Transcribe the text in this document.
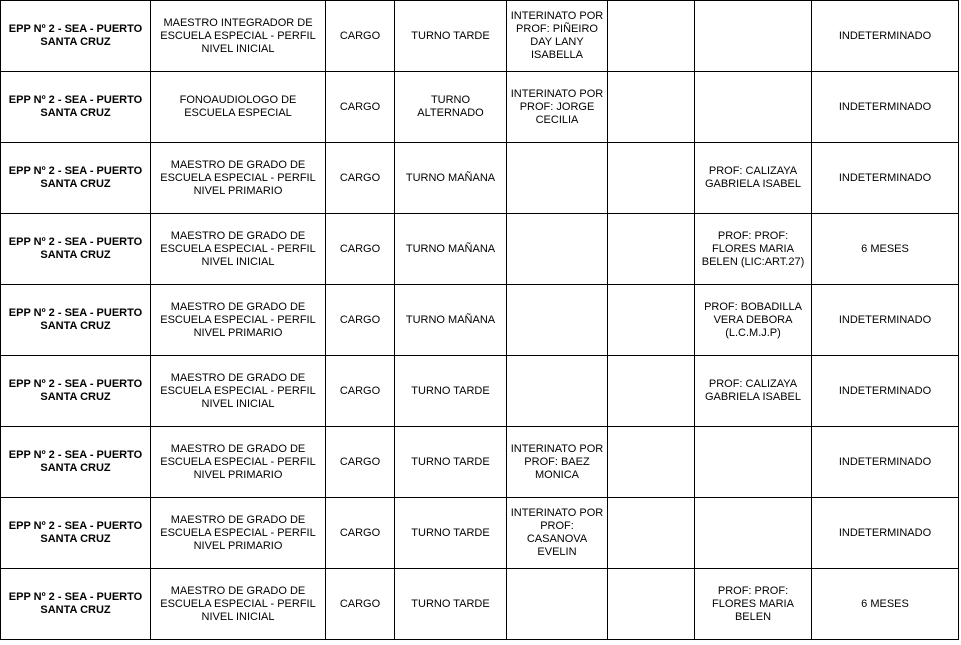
EPP Nº 2 - SEA - PUERTO SANTA CRUZ	MAESTRO INTEGRADOR DE ESCUELA ESPECIAL - PERFIL NIVEL INICIAL	CARGO	TURNO TARDE	INTERINATO POR PROF: PIÑEIRO DAY LANY ISABELLA			INDETERMINADO
EPP Nº 2 - SEA - PUERTO SANTA CRUZ	FONOAUDIOLOGO DE ESCUELA ESPECIAL	CARGO	TURNO ALTERNADO	INTERINATO POR PROF: JORGE CECILIA			INDETERMINADO
EPP Nº 2 - SEA - PUERTO SANTA CRUZ	MAESTRO DE GRADO DE ESCUELA ESPECIAL - PERFIL NIVEL PRIMARIO	CARGO	TURNO MAÑANA			PROF: CALIZAYA GABRIELA ISABEL	INDETERMINADO
EPP Nº 2 - SEA - PUERTO SANTA CRUZ	MAESTRO DE GRADO DE ESCUELA ESPECIAL - PERFIL NIVEL INICIAL	CARGO	TURNO MAÑANA			PROF: PROF: FLORES MARIA BELEN (LIC:ART.27)	6 MESES
EPP Nº 2 - SEA - PUERTO SANTA CRUZ	MAESTRO DE GRADO DE ESCUELA ESPECIAL - PERFIL NIVEL PRIMARIO	CARGO	TURNO MAÑANA			PROF: BOBADILLA VERA DEBORA (L.C.M.J.P)	INDETERMINADO
EPP Nº 2 - SEA - PUERTO SANTA CRUZ	MAESTRO DE GRADO DE ESCUELA ESPECIAL - PERFIL NIVEL INICIAL	CARGO	TURNO TARDE			PROF: CALIZAYA GABRIELA ISABEL	INDETERMINADO
EPP Nº 2 - SEA - PUERTO SANTA CRUZ	MAESTRO DE GRADO DE ESCUELA ESPECIAL - PERFIL NIVEL PRIMARIO	CARGO	TURNO TARDE	INTERINATO POR PROF: BAEZ MONICA			INDETERMINADO
EPP Nº 2 - SEA - PUERTO SANTA CRUZ	MAESTRO DE GRADO DE ESCUELA ESPECIAL - PERFIL NIVEL PRIMARIO	CARGO	TURNO TARDE	INTERINATO POR PROF: CASANOVA EVELIN			INDETERMINADO
EPP Nº 2 - SEA - PUERTO SANTA CRUZ	MAESTRO DE GRADO DE ESCUELA ESPECIAL - PERFIL NIVEL INICIAL	CARGO	TURNO TARDE			PROF: PROF: FLORES MARIA BELEN	6 MESES
